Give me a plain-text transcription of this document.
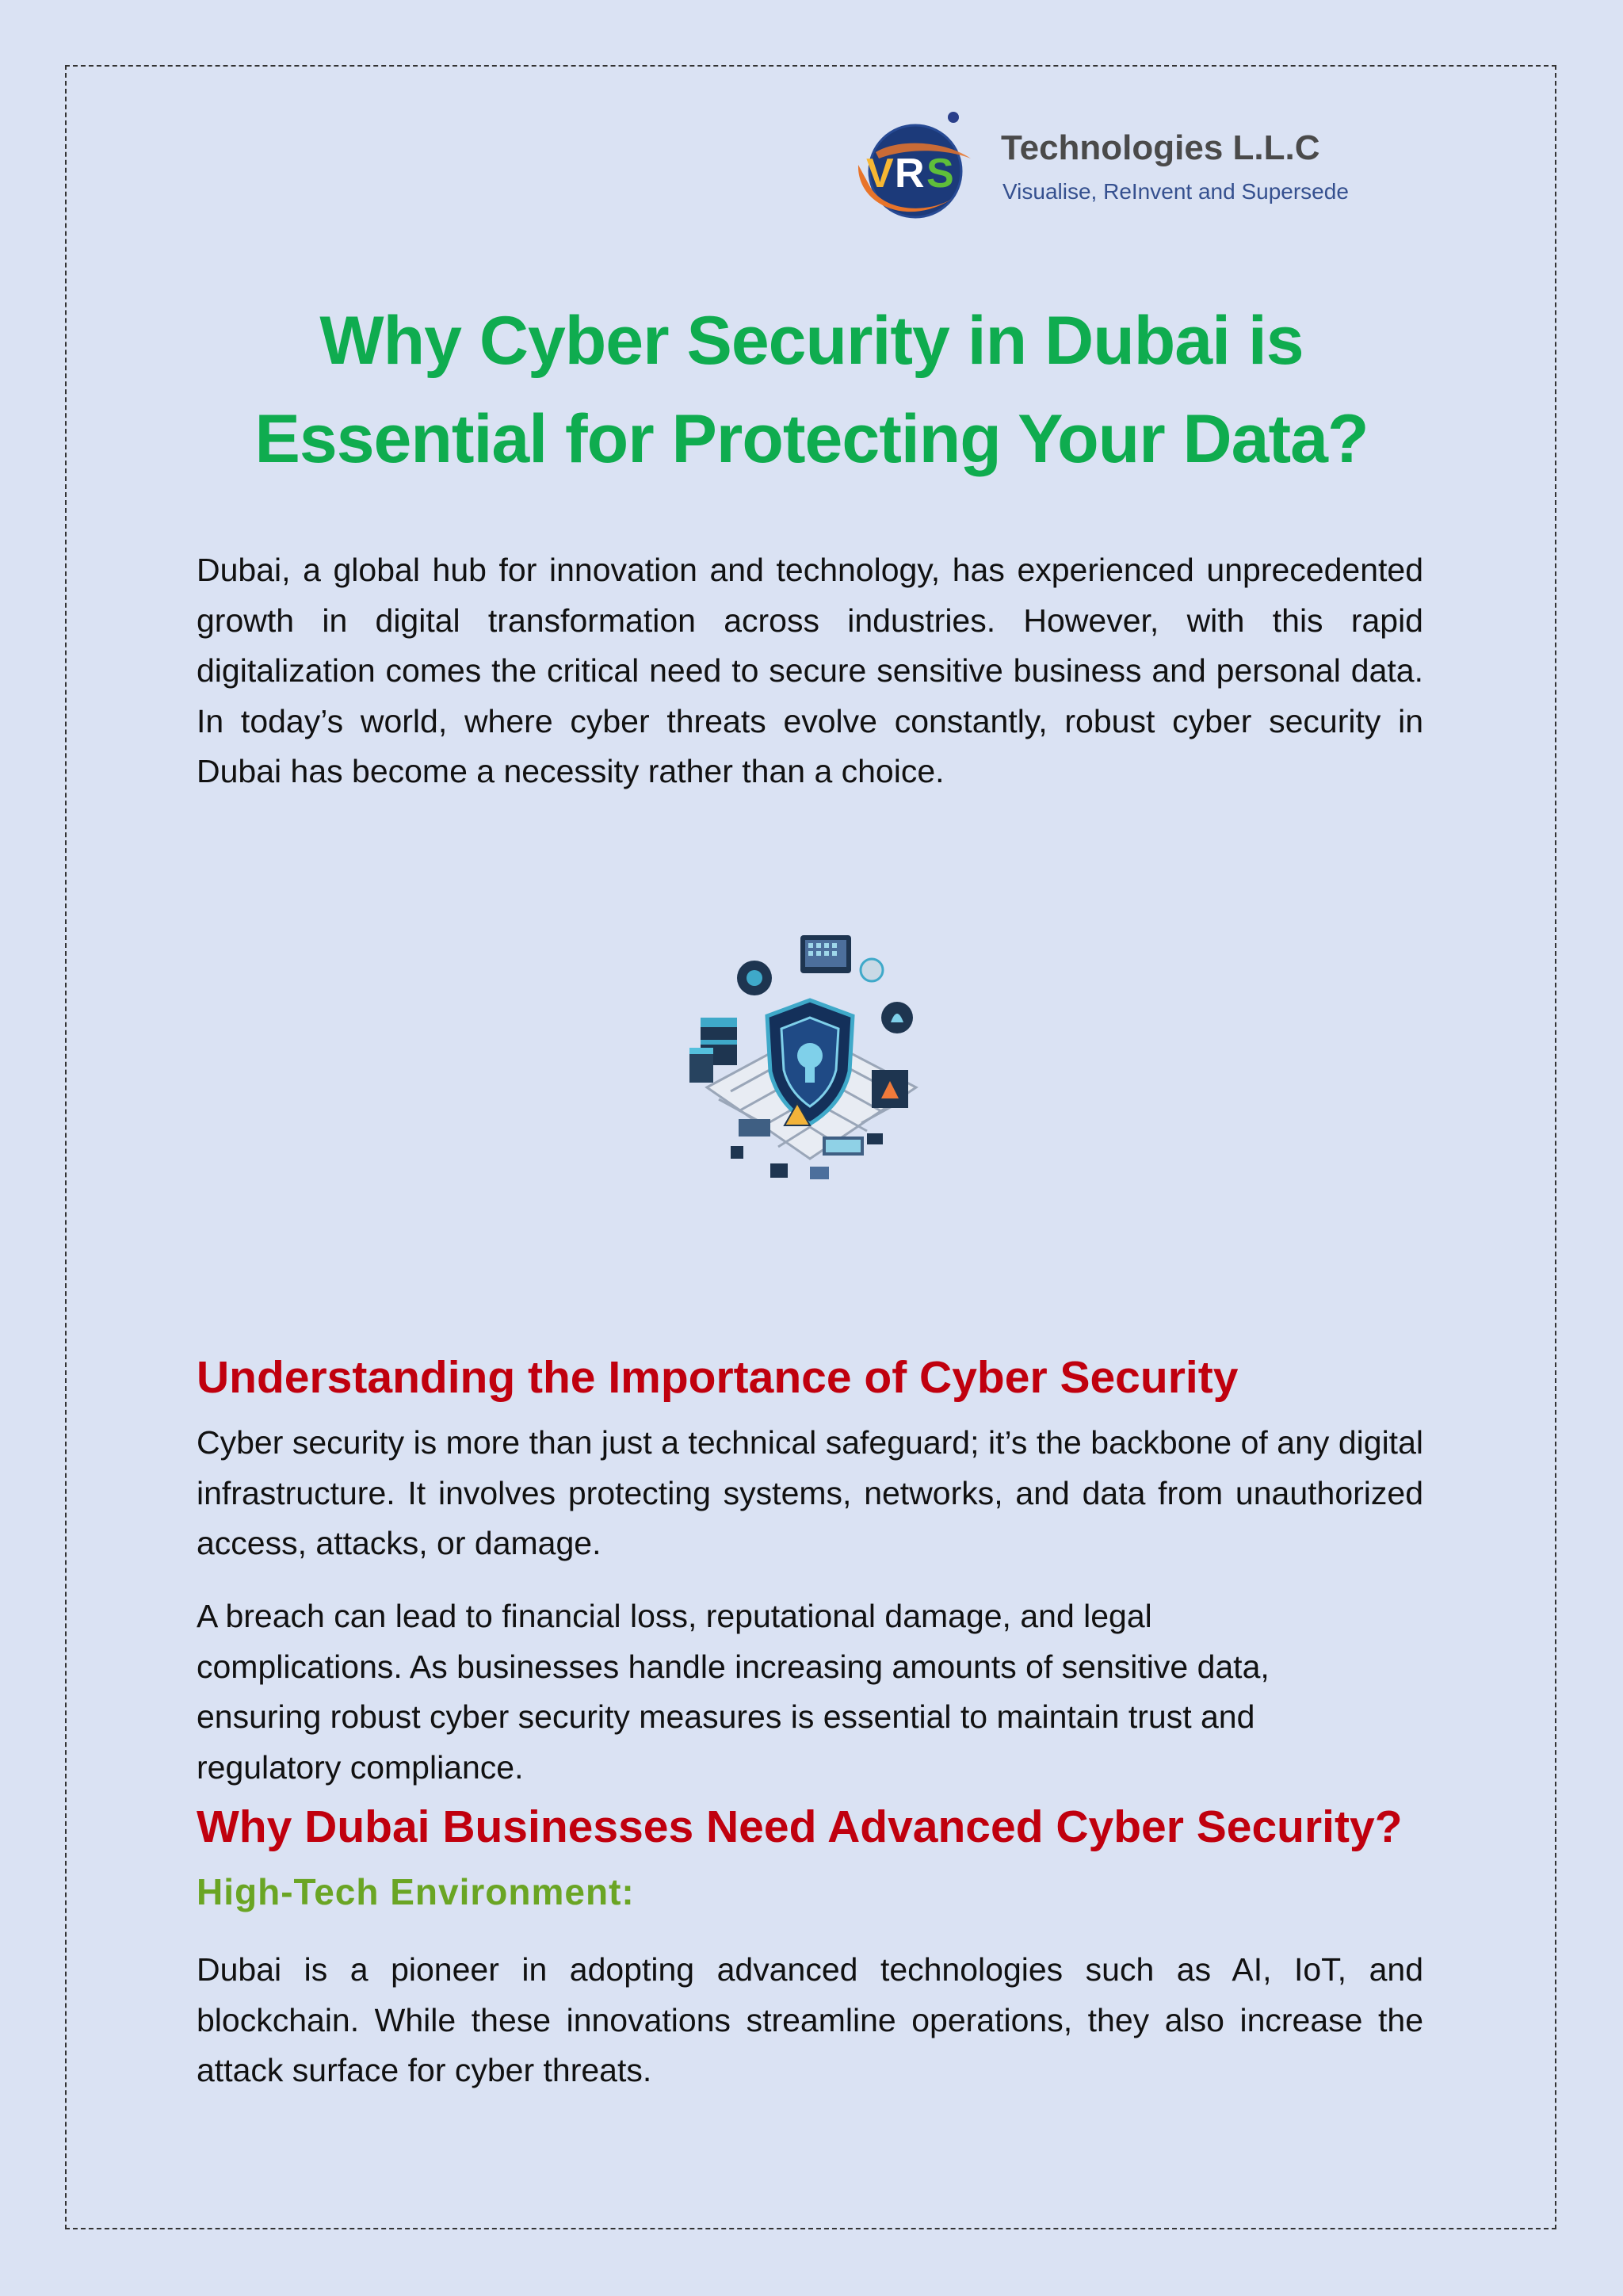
V R S
Technologies L.L.C
Visualise, ReInvent and Supersede
Why Cyber Security in Dubai is
Essential for Protecting Your Data?

Dubai, a global hub for innovation and technology, has experienced unprecedented growth in digital transformation across industries. However, with this rapid digitalization comes the critical need to secure sensitive business and personal data. In today’s world, where cyber threats evolve constantly, robust cyber security in Dubai has become a necessity rather than a choice.

Understanding the Importance of Cyber Security

Cyber security is more than just a technical safeguard; it’s the backbone of any digital infrastructure. It involves protecting systems, networks, and data from unauthorized access, attacks, or damage.

A breach can lead to financial loss, reputational damage, and legal
complications. As businesses handle increasing amounts of sensitive data,
ensuring robust cyber security measures is essential to maintain trust and
regulatory compliance.

Why Dubai Businesses Need Advanced Cyber Security?
High-Tech Environment:

Dubai is a pioneer in adopting advanced technologies such as AI, IoT, and blockchain. While these innovations streamline operations, they also increase the attack surface for cyber threats.
